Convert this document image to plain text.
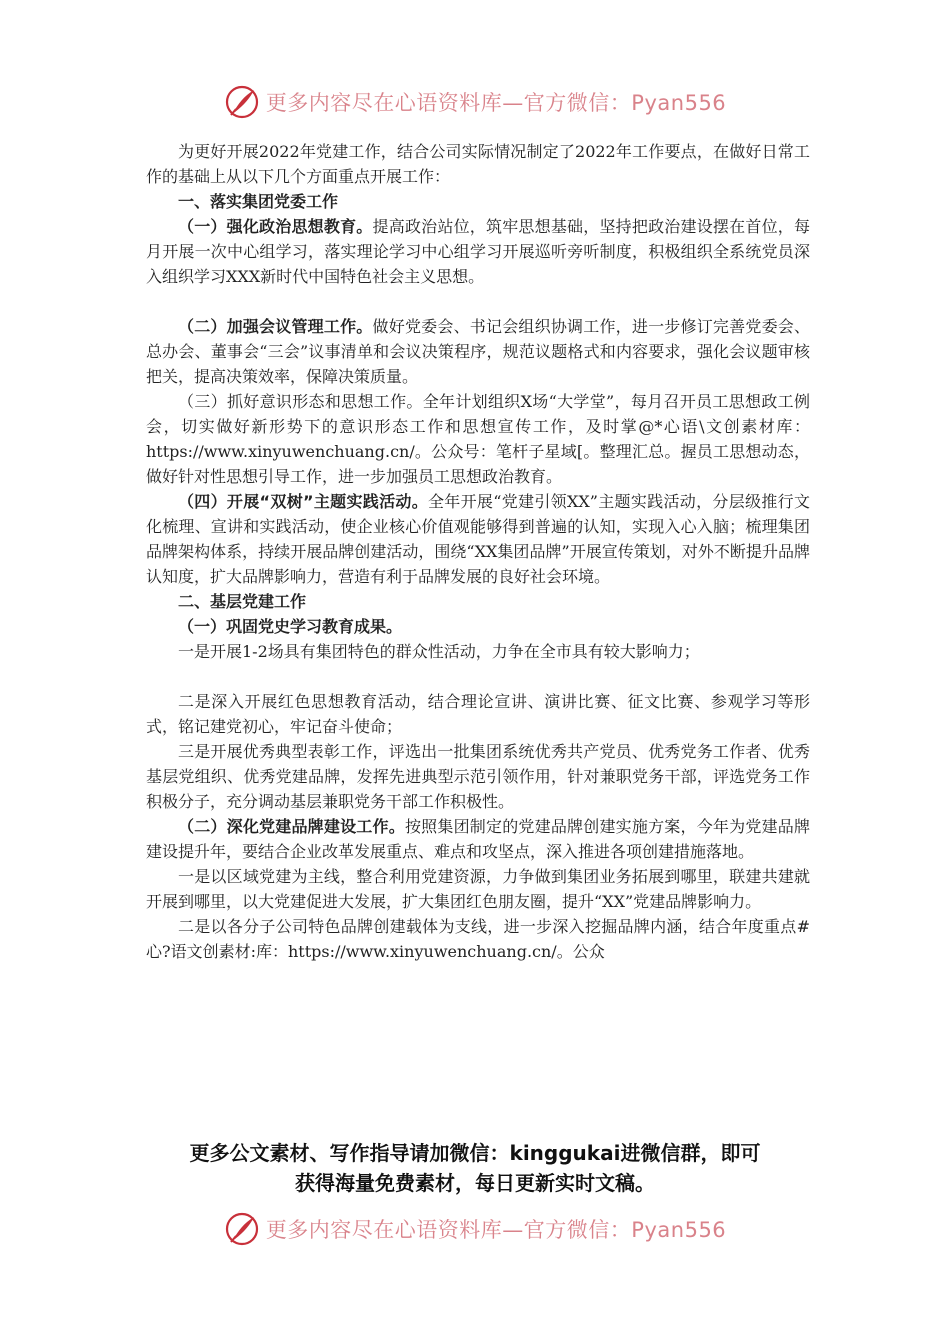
更多内容尽在心语资料库—官方微信：Pyan556

为更好开展2022年党建工作，结合公司实际情况制定了2022年工作要点，在做好日常工作的基础上从以下几个方面重点开展工作：

一、落实集团党委工作

（一）强化政治思想教育。提高政治站位，筑牢思想基础，坚持把政治建设摆在首位，每月开展一次中心组学习，落实理论学习中心组学习开展巡听旁听制度，积极组织全系统党员深入组织学习XXX新时代中国特色社会主义思想。

（二）加强会议管理工作。做好党委会、书记会组织协调工作，进一步修订完善党委会、总办会、董事会“三会”议事清单和会议决策程序，规范议题格式和内容要求，强化会议题审核把关，提高决策效率，保障决策质量。

（三）抓好意识形态和思想工作。全年计划组织X场“大学堂”，每月召开员工思想政工例会，切实做好新形势下的意识形态工作和思想宣传工作，及时掌@*心语\文创素材库：https://www.xinyuwenchuang.cn/。公众号：笔杆子星域[。整理汇总。握员工思想动态，做好针对性思想引导工作，进一步加强员工思想政治教育。

（四）开展“双树”主题实践活动。全年开展“党建引领XX”主题实践活动，分层级推行文化梳理、宣讲和实践活动，使企业核心价值观能够得到普遍的认知，实现入心入脑；梳理集团品牌架构体系，持续开展品牌创建活动，围绕“XX集团品牌”开展宣传策划，对外不断提升品牌认知度，扩大品牌影响力，营造有利于品牌发展的良好社会环境。

二、基层党建工作

（一）巩固党史学习教育成果。

一是开展1-2场具有集团特色的群众性活动，力争在全市具有较大影响力；

二是深入开展红色思想教育活动，结合理论宣讲、演讲比赛、征文比赛、参观学习等形式，铭记建党初心，牢记奋斗使命；

三是开展优秀典型表彰工作，评选出一批集团系统优秀共产党员、优秀党务工作者、优秀基层党组织、优秀党建品牌，发挥先进典型示范引领作用，针对兼职党务干部，评选党务工作积极分子，充分调动基层兼职党务干部工作积极性。

（二）深化党建品牌建设工作。按照集团制定的党建品牌创建实施方案，今年为党建品牌建设提升年，要结合企业改革发展重点、难点和攻坚点，深入推进各项创建措施落地。

一是以区域党建为主线，整合利用党建资源，力争做到集团业务拓展到哪里，联建共建就开展到哪里，以大党建促进大发展，扩大集团红色朋友圈，提升“XX”党建品牌影响力。

二是以各分子公司特色品牌创建载体为支线，进一步深入挖掘品牌内涵，结合年度重点#心?语文创素材:库：https://www.xinyuwenchuang.cn/。公众

更多公文素材、写作指导请加微信：kinggukai进微信群，即可
获得海量免费素材，每日更新实时文稿。
更多内容尽在心语资料库—官方微信：Pyan556
